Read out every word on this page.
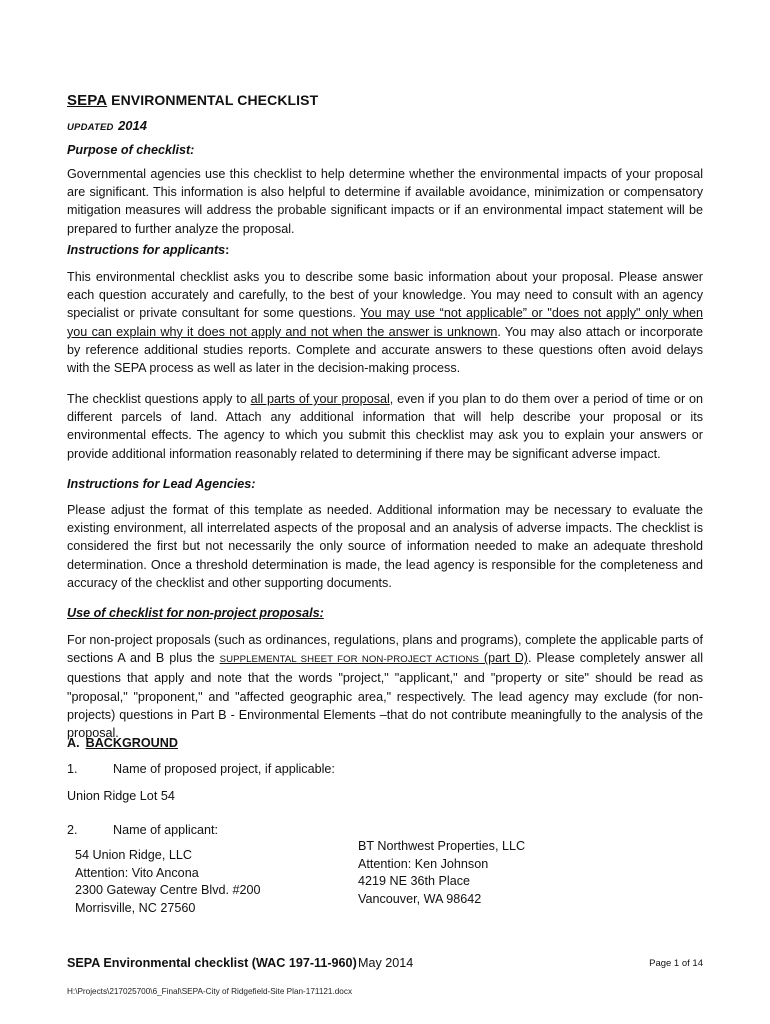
SEPA ENVIRONMENTAL CHECKLIST
UPDATED 2014
Purpose of checklist:
Governmental agencies use this checklist to help determine whether the environmental impacts of your proposal are significant. This information is also helpful to determine if available avoidance, minimization or compensatory mitigation measures will address the probable significant impacts or if an environmental impact statement will be prepared to further analyze the proposal.
Instructions for applicants:
This environmental checklist asks you to describe some basic information about your proposal. Please answer each question accurately and carefully, to the best of your knowledge. You may need to consult with an agency specialist or private consultant for some questions. You may use “not applicable” or "does not apply" only when you can explain why it does not apply and not when the answer is unknown. You may also attach or incorporate by reference additional studies reports. Complete and accurate answers to these questions often avoid delays with the SEPA process as well as later in the decision-making process.
The checklist questions apply to all parts of your proposal, even if you plan to do them over a period of time or on different parcels of land. Attach any additional information that will help describe your proposal or its environmental effects. The agency to which you submit this checklist may ask you to explain your answers or provide additional information reasonably related to determining if there may be significant adverse impact.
Instructions for Lead Agencies:
Please adjust the format of this template as needed. Additional information may be necessary to evaluate the existing environment, all interrelated aspects of the proposal and an analysis of adverse impacts. The checklist is considered the first but not necessarily the only source of information needed to make an adequate threshold determination. Once a threshold determination is made, the lead agency is responsible for the completeness and accuracy of the checklist and other supporting documents.
Use of checklist for non-project proposals:
For non-project proposals (such as ordinances, regulations, plans and programs), complete the applicable parts of sections A and B plus the SUPPLEMENTAL SHEET FOR NON-PROJECT ACTIONS (part D). Please completely answer all questions that apply and note that the words "project," "applicant," and "property or site" should be read as "proposal," "proponent," and "affected geographic area," respectively. The lead agency may exclude (for non-projects) questions in Part B - Environmental Elements –that do not contribute meaningfully to the analysis of the proposal.
A. BACKGROUND
1.	Name of proposed project, if applicable:
Union Ridge Lot 54
2.	Name of applicant:
54 Union Ridge, LLC
Attention: Vito Ancona
2300 Gateway Centre Blvd. #200
Morrisville, NC 27560
BT Northwest Properties, LLC
Attention: Ken Johnson
4219 NE 36th Place
Vancouver, WA 98642
SEPA Environmental checklist (WAC 197-11-960) May 2014	Page 1 of 14
H:\Projects\217025700\6_Final\SEPA-City of Ridgefield-Site Plan-171121.docx
